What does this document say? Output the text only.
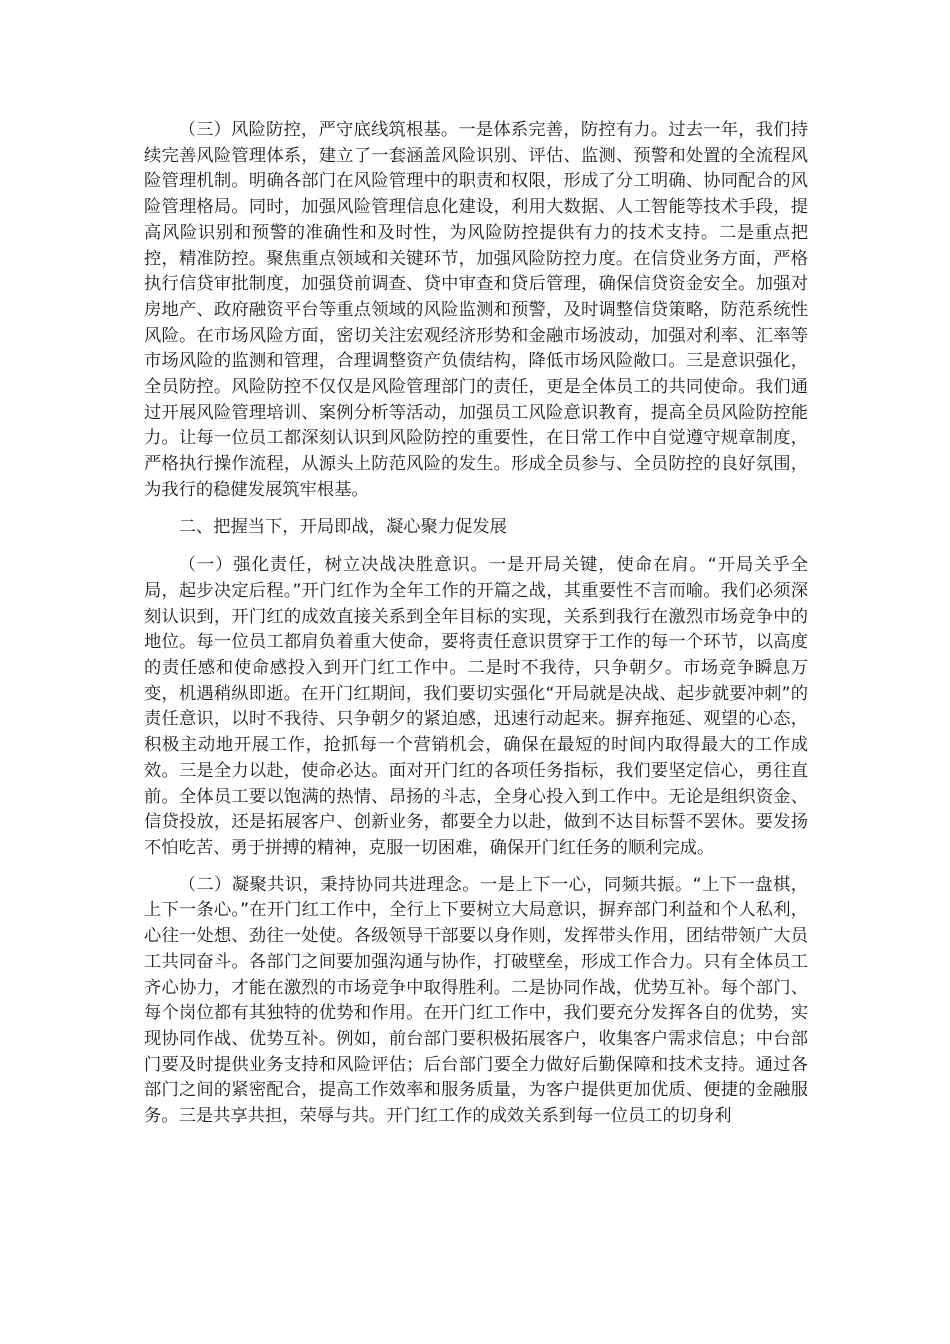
（三）风险防控，严守底线筑根基。一是体系完善，防控有力。过去一年，我们持续完善风险管理体系，建立了一套涵盖风险识别、评估、监测、预警和处置的全流程风险管理机制。明确各部门在风险管理中的职责和权限，形成了分工明确、协同配合的风险管理格局。同时，加强风险管理信息化建设，利用大数据、人工智能等技术手段，提高风险识别和预警的准确性和及时性，为风险防控提供有力的技术支持。二是重点把控，精准防控。聚焦重点领域和关键环节，加强风险防控力度。在信贷业务方面，严格执行信贷审批制度，加强贷前调查、贷中审查和贷后管理，确保信贷资金安全。加强对房地产、政府融资平台等重点领域的风险监测和预警，及时调整信贷策略，防范系统性风险。在市场风险方面，密切关注宏观经济形势和金融市场波动，加强对利率、汇率等市场风险的监测和管理，合理调整资产负债结构，降低市场风险敞口。三是意识强化，全员防控。风险防控不仅仅是风险管理部门的责任，更是全体员工的共同使命。我们通过开展风险管理培训、案例分析等活动，加强员工风险意识教育，提高全员风险防控能力。让每一位员工都深刻认识到风险防控的重要性，在日常工作中自觉遵守规章制度，严格执行操作流程，从源头上防范风险的发生。形成全员参与、全员防控的良好氛围，为我行的稳健发展筑牢根基。

二、把握当下，开局即战，凝心聚力促发展

（一）强化责任，树立决战决胜意识。一是开局关键，使命在肩。“开局关乎全局，起步决定后程。”开门红作为全年工作的开篇之战，其重要性不言而喻。我们必须深刻认识到，开门红的成效直接关系到全年目标的实现，关系到我行在激烈市场竞争中的地位。每一位员工都肩负着重大使命，要将责任意识贯穿于工作的每一个环节，以高度的责任感和使命感投入到开门红工作中。二是时不我待，只争朝夕。市场竞争瞬息万变，机遇稍纵即逝。在开门红期间，我们要切实强化“开局就是决战、起步就要冲刺”的责任意识，以时不我待、只争朝夕的紧迫感，迅速行动起来。摒弃拖延、观望的心态，积极主动地开展工作，抢抓每一个营销机会，确保在最短的时间内取得最大的工作成效。三是全力以赴，使命必达。面对开门红的各项任务指标，我们要坚定信心，勇往直前。全体员工要以饱满的热情、昂扬的斗志，全身心投入到工作中。无论是组织资金、信贷投放，还是拓展客户、创新业务，都要全力以赴，做到不达目标誓不罢休。要发扬不怕吃苦、勇于拼搏的精神，克服一切困难，确保开门红任务的顺利完成。

（二）凝聚共识，秉持协同共进理念。一是上下一心，同频共振。“上下一盘棋，上下一条心。”在开门红工作中，全行上下要树立大局意识，摒弃部门利益和个人私利，心往一处想、劲往一处使。各级领导干部要以身作则，发挥带头作用，团结带领广大员工共同奋斗。各部门之间要加强沟通与协作，打破壁垒，形成工作合力。只有全体员工齐心协力，才能在激烈的市场竞争中取得胜利。二是协同作战，优势互补。每个部门、每个岗位都有其独特的优势和作用。在开门红工作中，我们要充分发挥各自的优势，实现协同作战、优势互补。例如，前台部门要积极拓展客户，收集客户需求信息；中台部门要及时提供业务支持和风险评估；后台部门要全力做好后勤保障和技术支持。通过各部门之间的紧密配合，提高工作效率和服务质量，为客户提供更加优质、便捷的金融服务。三是共享共担，荣辱与共。开门红工作的成效关系到每一位员工的切身利
